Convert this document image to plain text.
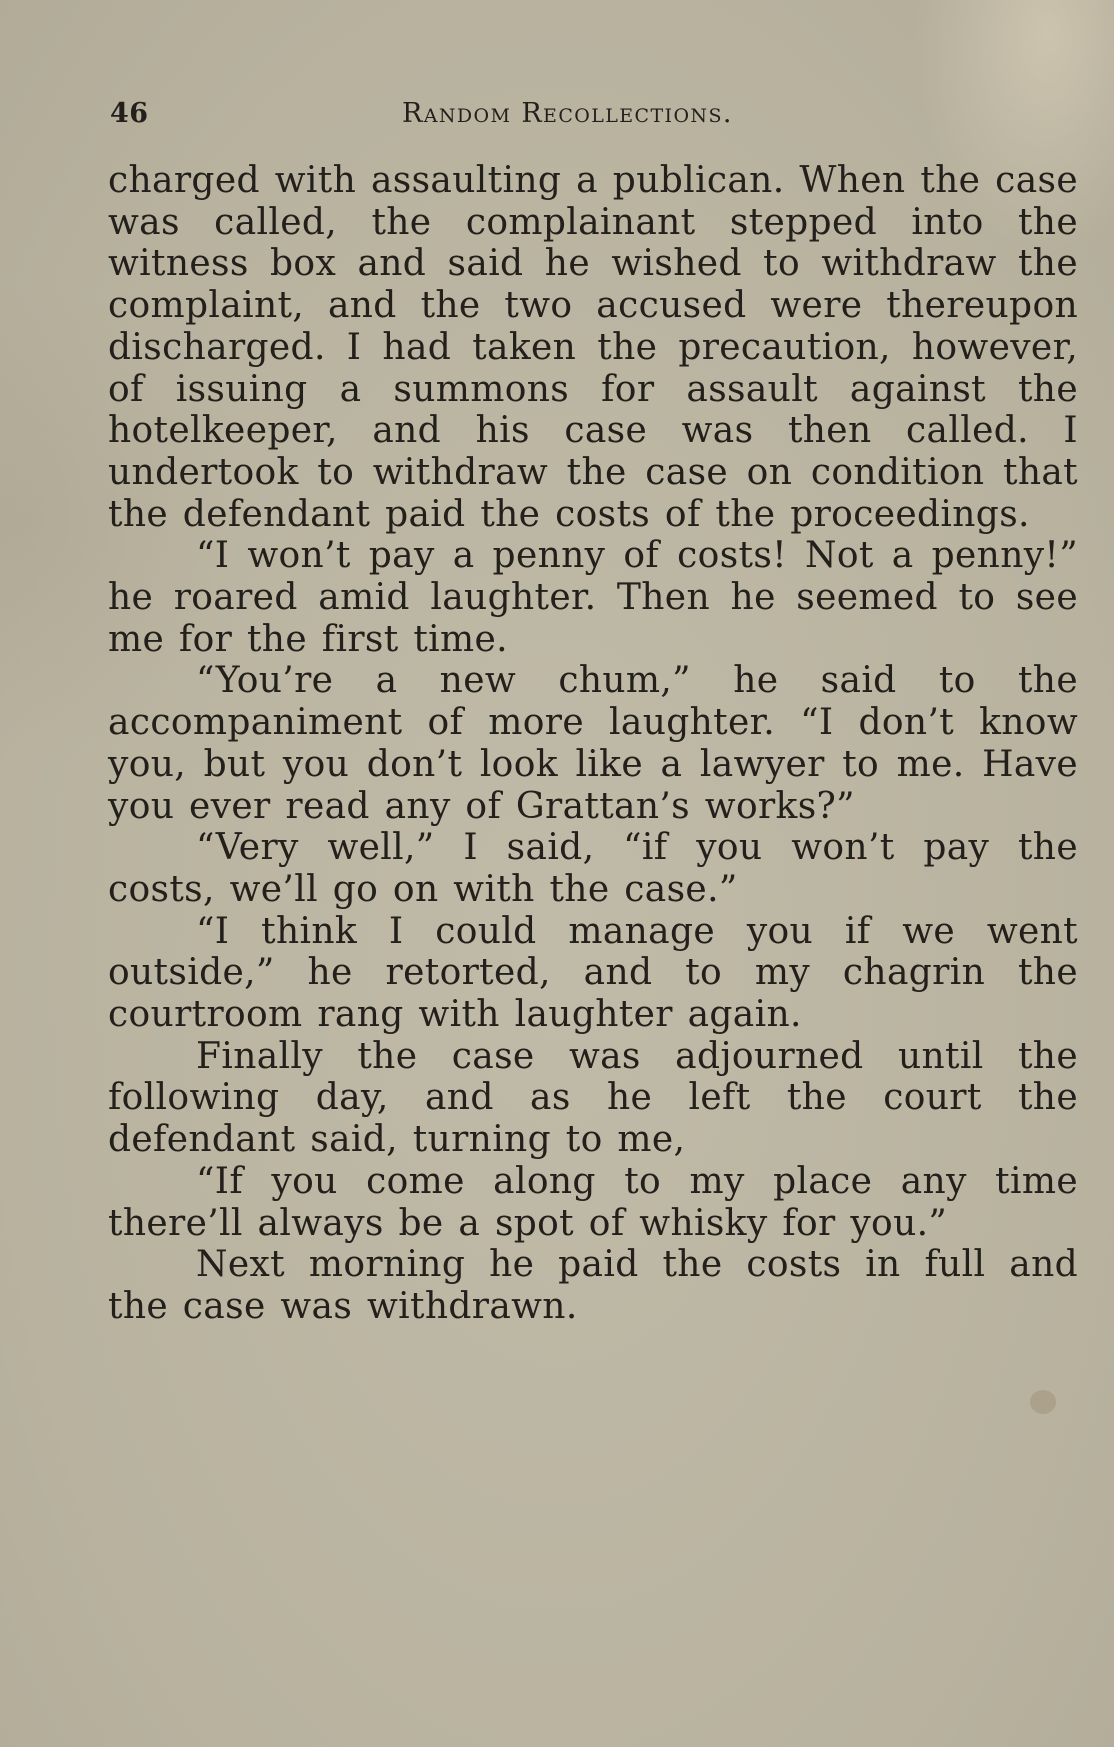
46	Random Recollections.

charged with assaulting a publican. When the case was called, the complainant stepped into the witness box and said he wished to withdraw the complaint, and the two accused were thereupon discharged. I had taken the precaution, however, of issuing a summons for assault against the hotelkeeper, and his case was then called. I undertook to withdraw the case on condition that the defendant paid the costs of the proceedings.

“I won’t pay a penny of costs! Not a penny!” he roared amid laughter. Then he seemed to see me for the first time.

“You’re a new chum,” he said to the accompaniment of more laughter. “I don’t know you, but you don’t look like a lawyer to me. Have you ever read any of Grattan’s works?”

“Very well,” I said, “if you won’t pay the costs, we’ll go on with the case.”

“I think I could manage you if we went outside,” he retorted, and to my chagrin the courtroom rang with laughter again.

Finally the case was adjourned until the following day, and as he left the court the defendant said, turning to me,

“If you come along to my place any time there’ll always be a spot of whisky for you.”

Next morning he paid the costs in full and the case was withdrawn.
